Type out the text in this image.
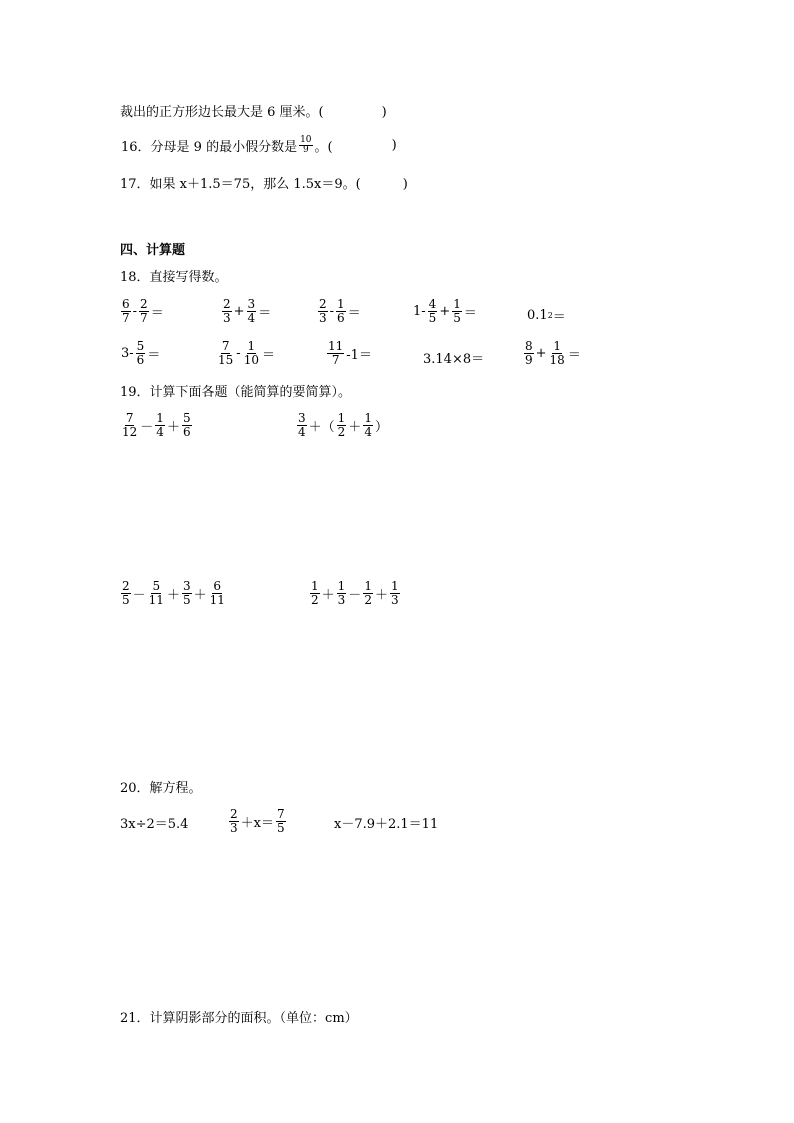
裁出的正方形边长最大是 6 厘米。(	)
16．分母是 9 的最小假分数是 $\frac{10}{9}$ 。(	)
17．如果 x＋1.5＝75，那么 1.5x＝9。(	)
四、计算题
18．直接写得数。
$\frac{6}{7} - \frac{2}{7}$ ＝	$\frac{2}{3} + \frac{3}{4}$ ＝	$\frac{2}{3} - \frac{1}{6}$ ＝	$1- \frac{4}{5} + \frac{1}{5}$ ＝	0.1 2 ＝
$3- \frac{5}{6}$ ＝	$\frac{7}{15} - \frac{1}{10}$ ＝	$\frac{11}{7} -1=$	3.14×8＝	$\frac{8}{9} + \frac{1}{18}$ ＝
19．计算下面各题（能简算的要简算）。
$\frac{7}{12} - \frac{1}{4} + \frac{5}{6}$	$\frac{3}{4}$ ＋（ $\frac{1}{2} + \frac{1}{4}$ ）
$\frac{2}{5} - \frac{5}{11} + \frac{3}{5} + \frac{6}{11}$	$\frac{1}{2} + \frac{1}{3} - \frac{1}{2} + \frac{1}{3}$
20．解方程。
3x÷2＝5.4	$\frac{2}{3} +x= \frac{7}{5}$	x－7.9＋2.1＝11
21．计算阴影部分的面积。（单位：cm）
